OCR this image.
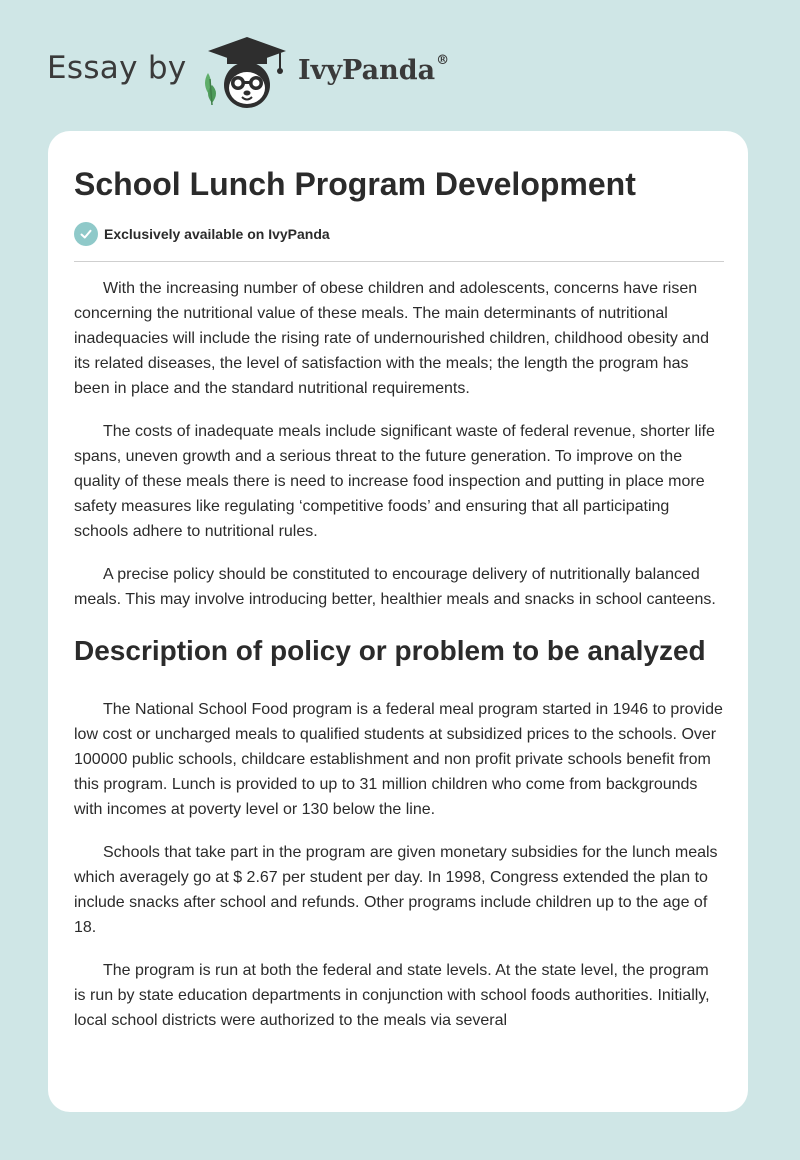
Essay by	IvyPanda®
School Lunch Program Development
Exclusively available on IvyPanda

With the increasing number of obese children and adolescents, concerns have risen concerning the nutritional value of these meals. The main determinants of nutritional inadequacies will include the rising rate of undernourished children, childhood obesity and its related diseases, the level of satisfaction with the meals; the length the program has been in place and the standard nutritional requirements.

The costs of inadequate meals include significant waste of federal revenue, shorter life spans, uneven growth and a serious threat to the future generation. To improve on the quality of these meals there is need to increase food inspection and putting in place more safety measures like regulating ‘competitive foods’ and ensuring that all participating schools adhere to nutritional rules.

A precise policy should be constituted to encourage delivery of nutritionally balanced meals. This may involve introducing better, healthier meals and snacks in school canteens.

Description of policy or problem to be analyzed

The National School Food program is a federal meal program started in 1946 to provide low cost or uncharged meals to qualified students at subsidized prices to the schools. Over 100000 public schools, childcare establishment and non profit private schools benefit from this program. Lunch is provided to up to 31 million children who come from backgrounds with incomes at poverty level or 130 below the line.

Schools that take part in the program are given monetary subsidies for the lunch meals which averagely go at $ 2.67 per student per day. In 1998, Congress extended the plan to include snacks after school and refunds. Other programs include children up to the age of 18.

The program is run at both the federal and state levels. At the state level, the program is run by state education departments in conjunction with school foods authorities. Initially, local school districts were authorized to the meals via several
